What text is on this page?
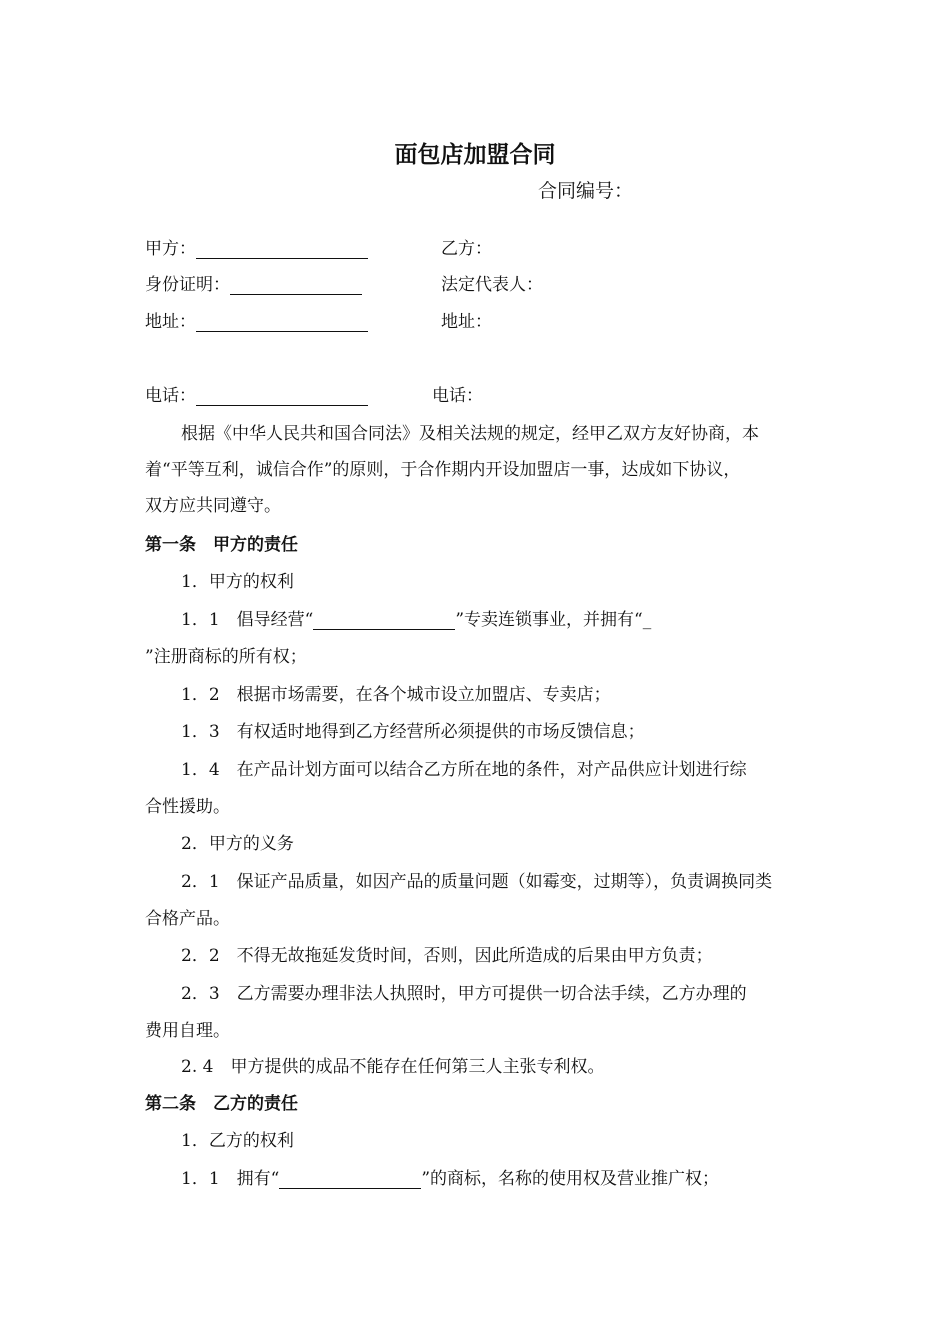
面包店加盟合同
合同编号：
甲方：	乙方：
身份证明：	法定代表人：
地址：	地址：
电话：	电话：
根据《中华人民共和国合同法》及相关法规的规定，经甲乙双方友好协商，本
着“平等互利，诚信合作”的原则，于合作期内开设加盟店一事，达成如下协议，
双方应共同遵守。
第一条　甲方的责任
1．甲方的权利
1．1　倡导经营“	”专卖连锁事业，并拥有“_
”注册商标的所有权；
1．2　根据市场需要，在各个城市设立加盟店、专卖店；
1．3　有权适时地得到乙方经营所必须提供的市场反馈信息；
1．4　在产品计划方面可以结合乙方所在地的条件，对产品供应计划进行综
合性援助。
2．甲方的义务
2．1　保证产品质量，如因产品的质量问题（如霉变，过期等），负责调换同类
合格产品。
2．2　不得无故拖延发货时间，否则，因此所造成的后果由甲方负责；
2．3　乙方需要办理非法人执照时，甲方可提供一切合法手续，乙方办理的
费用自理。
2. 4　甲方提供的成品不能存在任何第三人主张专利权。
第二条　乙方的责任
1．乙方的权利
1．1　拥有“	”的商标，名称的使用权及营业推广权；
